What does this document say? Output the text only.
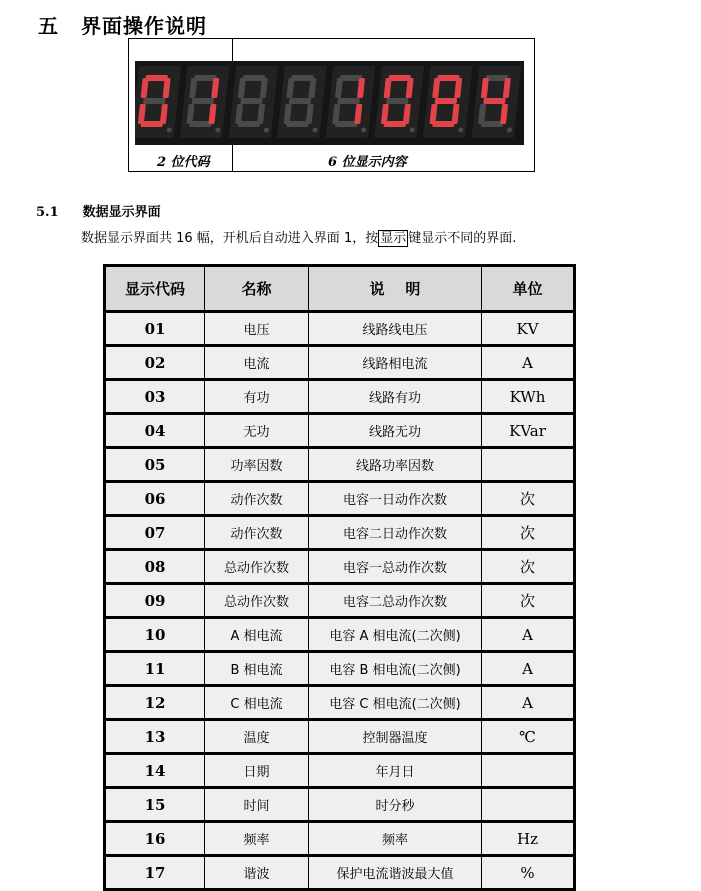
五 界面操作说明
2 位代码	6 位显示内容
5.1 数据显示界面
数据显示界面共 16 幅，开机后自动进入界面 1，按 显示 键显示不同的界面.
显示代码	名称	说    明	单位
01	电压	线路线电压	KV
02	电流	线路相电流	A
03	有功	线路有功	KWh
04	无功	线路无功	KVar
05	功率因数	线路功率因数	
06	动作次数	电容一日动作次数	次
07	动作次数	电容二日动作次数	次
08	总动作次数	电容一总动作次数	次
09	总动作次数	电容二总动作次数	次
10	A 相电流	电容 A 相电流(二次侧)	A
11	B 相电流	电容 B 相电流(二次侧)	A
12	C 相电流	电容 C 相电流(二次侧)	A
13	温度	控制器温度	℃
14	日期	年月日	
15	时间	时分秒	
16	频率	频率	Hz
17	谐波	保护电流谐波最大值	%
